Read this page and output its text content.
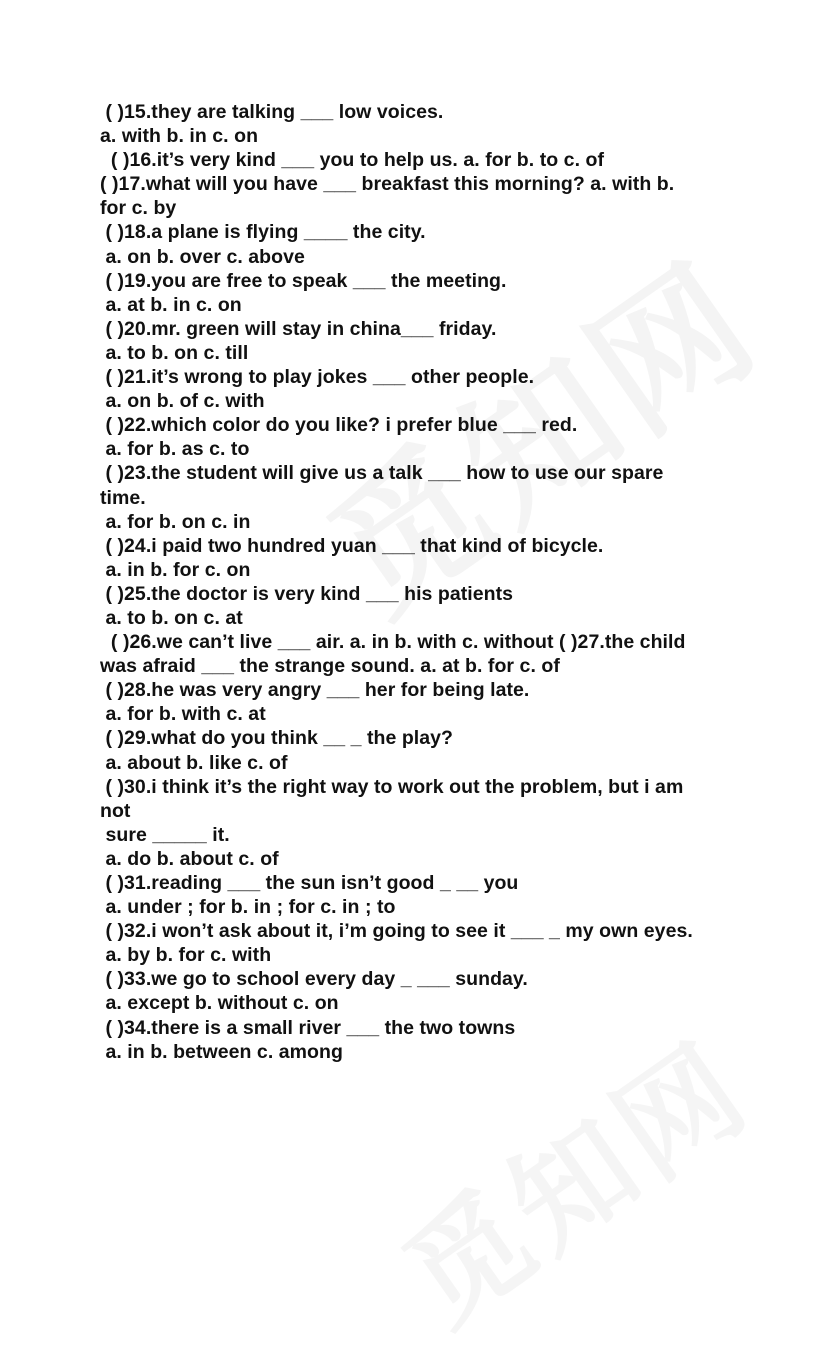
( )15.they are talking ___ low voices.
a. with b. in c. on
( )16.it’s very kind ___ you to help us. a. for b. to c. of
( )17.what will you have ___ breakfast this morning? a. with b.
for c. by
( )18.a plane is flying ____ the city.
a. on b. over c. above
( )19.you are free to speak ___ the meeting.
a. at b. in c. on
( )20.mr. green will stay in china___ friday.
a. to b. on c. till
( )21.it’s wrong to play jokes ___ other people.
a. on b. of c. with
( )22.which color do you like? i prefer blue ___ red.
a. for b. as c. to
( )23.the student will give us a talk ___ how to use our spare
time.
a. for b. on c. in
( )24.i paid two hundred yuan ___ that kind of bicycle.
a. in b. for c. on
( )25.the doctor is very kind ___ his patients
a. to b. on c. at
( )26.we can’t live ___ air. a. in b. with c. without ( )27.the child
was afraid ___ the strange sound. a. at b. for c. of
( )28.he was very angry ___ her for being late.
a. for b. with c. at
( )29.what do you think __ _ the play?
a. about b. like c. of
( )30.i think it’s the right way to work out the problem, but i am
not
sure _____ it.
a. do b. about c. of
( )31.reading ___ the sun isn’t good _ __ you
a. under ; for b. in ; for c. in ; to
( )32.i won’t ask about it, i’m going to see it ___ _ my own eyes.
a. by b. for c. with
( )33.we go to school every day _ ___ sunday.
a. except b. without c. on
( )34.there is a small river ___ the two towns
a. in b. between c. among
